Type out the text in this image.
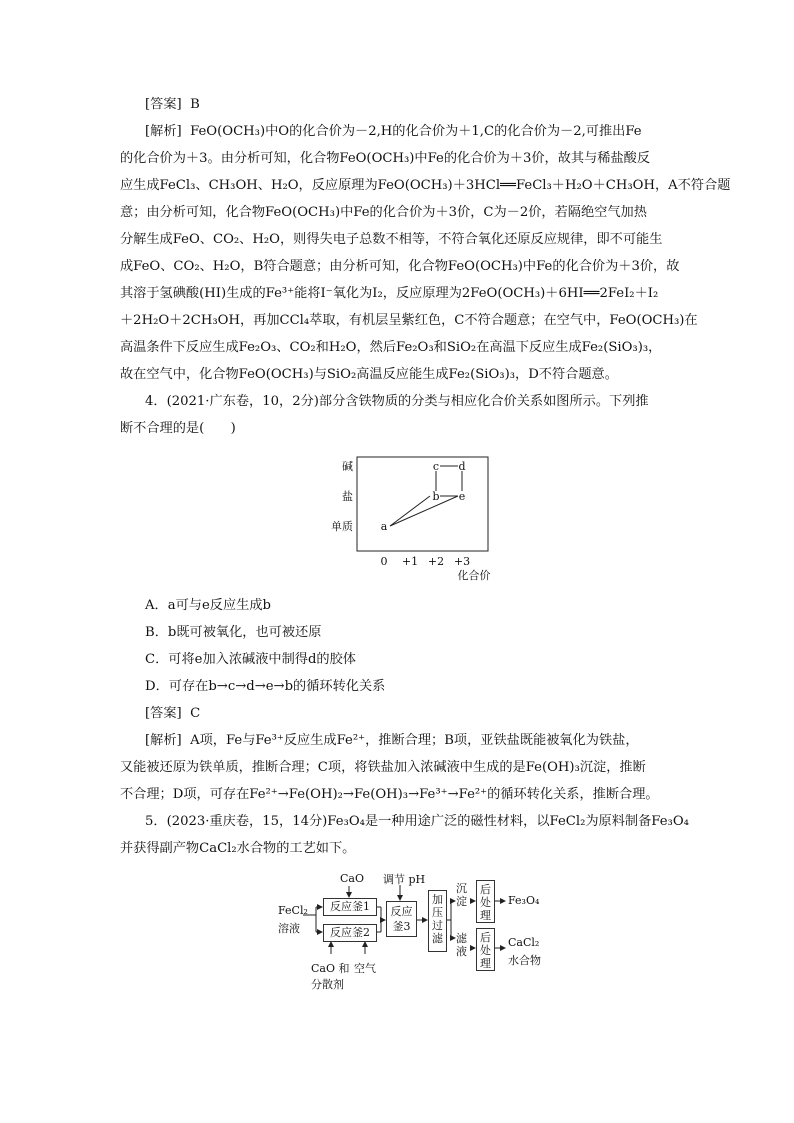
[答案] B
[解析] FeO(OCH₃)中O的化合价为－2,H的化合价为＋1,C的化合价为－2,可推出Fe
的化合价为＋3。由分析可知，化合物FeO(OCH₃)中Fe的化合价为＋3价，故其与稀盐酸反
应生成FeCl₃、CH₃OH、H₂O，反应原理为FeO(OCH₃)＋3HCl══FeCl₃＋H₂O＋CH₃OH，A不符合题
意；由分析可知，化合物FeO(OCH₃)中Fe的化合价为＋3价，C为－2价，若隔绝空气加热
分解生成FeO、CO₂、H₂O，则得失电子总数不相等，不符合氧化还原反应规律，即不可能生
成FeO、CO₂、H₂O，B符合题意；由分析可知，化合物FeO(OCH₃)中Fe的化合价为＋3价，故
其溶于氢碘酸(HI)生成的Fe³⁺能将I⁻氧化为I₂，反应原理为2FeO(OCH₃)＋6HI══2FeI₂＋I₂
＋2H₂O＋2CH₃OH，再加CCl₄萃取，有机层呈紫红色，C不符合题意；在空气中，FeO(OCH₃)在
高温条件下反应生成Fe₂O₃、CO₂和H₂O，然后Fe₂O₃和SiO₂在高温下反应生成Fe₂(SiO₃)₃，
故在空气中，化合物FeO(OCH₃)与SiO₂高温反应能生成Fe₂(SiO₃)₃，D不符合题意。
4．(2021·广东卷，10，2分)部分含铁物质的分类与相应化合价关系如图所示。下列推
断不合理的是(　　)
单质
盐
碱
0 +1 +2 +3
化合价
a
b
c d
e
A．a可与e反应生成b
B．b既可被氧化，也可被还原
C．可将e加入浓碱液中制得d的胶体
D．可存在b→c→d→e→b的循环转化关系
[答案] C
[解析] A项，Fe与Fe³⁺反应生成Fe²⁺，推断合理；B项，亚铁盐既能被氧化为铁盐，
又能被还原为铁单质，推断合理；C项，将铁盐加入浓碱液中生成的是Fe(OH)₃沉淀，推断
不合理；D项，可存在Fe²⁺→Fe(OH)₂→Fe(OH)₃→Fe³⁺→Fe²⁺的循环转化关系，推断合理。
5．(2023·重庆卷，15，14分)Fe₃O₄是一种用途广泛的磁性材料，以FeCl₂为原料制备Fe₃O₄
并获得副产物CaCl₂水合物的工艺如下。
FeCl₂
溶液
CaO
反应釜1
反应釜2
CaO 和
分散剂
空气
调节 pH
反应
釜3
加
压
过
滤
沉
淀
滤
液
后
处
理
后
处
理
Fe₃O₄
CaCl₂
水合物
